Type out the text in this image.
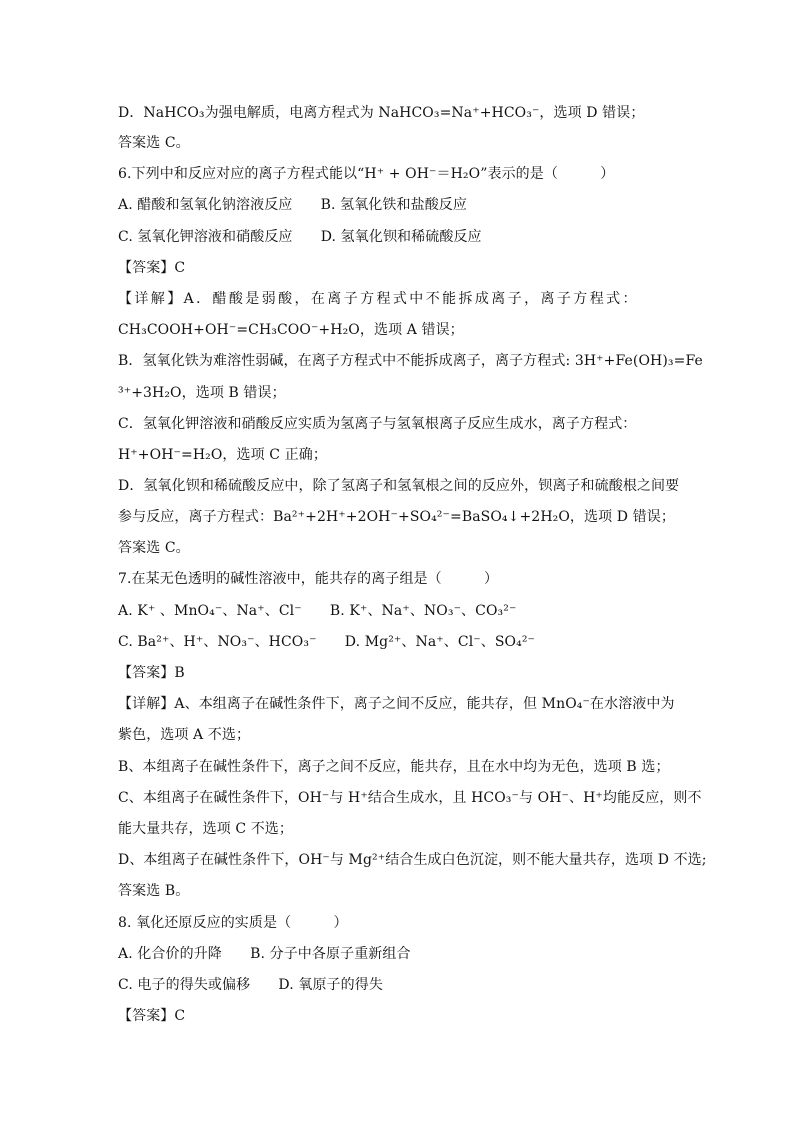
D．NaHCO₃为强电解质，电离方程式为 NaHCO₃=Na⁺+HCO₃⁻，选项 D 错误；
答案选 C。
6.下列中和反应对应的离子方程式能以“H⁺ + OH⁻＝H₂O”表示的是（　　　）
A. 醋酸和氢氧化钠溶液反应　　B. 氢氧化铁和盐酸反应
C. 氢氧化钾溶液和硝酸反应　　D. 氢氧化钡和稀硫酸反应
【答案】C
【详解】A．醋酸是弱酸，在离子方程式中不能拆成离子，离子方程式：
CH₃COOH+OH⁻=CH₃COO⁻+H₂O，选项 A 错误；
B．氢氧化铁为难溶性弱碱，在离子方程式中不能拆成离子，离子方程式: 3H⁺+Fe(OH)₃=Fe
³⁺+3H₂O，选项 B 错误；
C．氢氧化钾溶液和硝酸反应实质为氢离子与氢氧根离子反应生成水，离子方程式：
H⁺+OH⁻=H₂O，选项 C 正确；
D．氢氧化钡和稀硫酸反应中，除了氢离子和氢氧根之间的反应外，钡离子和硫酸根之间要
参与反应，离子方程式：Ba²⁺+2H⁺+2OH⁻+SO₄²⁻=BaSO₄↓+2H₂O，选项 D 错误；
答案选 C。
7.在某无色透明的碱性溶液中，能共存的离子组是（　　　）
A. K⁺ 、MnO₄⁻、Na⁺、Cl⁻　　B. K⁺、Na⁺、NO₃⁻、CO₃²⁻
C. Ba²⁺、H⁺、NO₃⁻、HCO₃⁻　　D. Mg²⁺、Na⁺、Cl⁻、SO₄²⁻
【答案】B
【详解】A、本组离子在碱性条件下，离子之间不反应，能共存，但 MnO₄⁻在水溶液中为
紫色，选项 A 不选；
B、本组离子在碱性条件下，离子之间不反应，能共存，且在水中均为无色，选项 B 选；
C、本组离子在碱性条件下，OH⁻与 H⁺结合生成水，且 HCO₃⁻与 OH⁻、H⁺均能反应，则不
能大量共存，选项 C 不选；
D、本组离子在碱性条件下，OH⁻与 Mg²⁺结合生成白色沉淀，则不能大量共存，选项 D 不选;
答案选 B。
8. 氧化还原反应的实质是（　　　）
A. 化合价的升降　　B. 分子中各原子重新组合
C. 电子的得失或偏移　　D. 氧原子的得失
【答案】C
